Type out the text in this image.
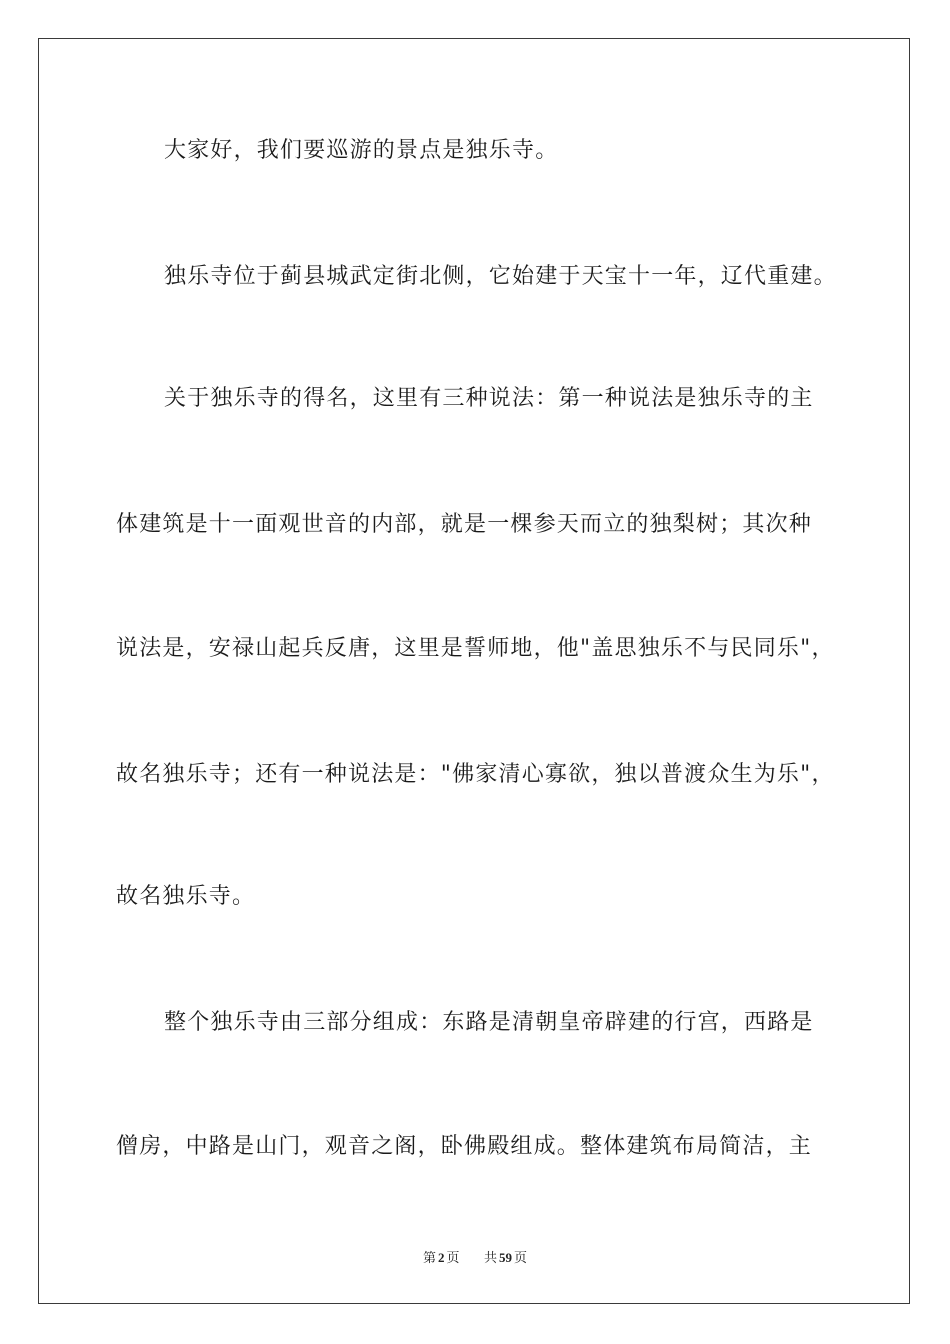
大家好，我们要巡游的景点是独乐寺。
独乐寺位于蓟县城武定街北侧，它始建于天宝十一年，辽代重建。
关于独乐寺的得名，这里有三种说法：第一种说法是独乐寺的主
体建筑是十一面观世音的内部，就是一棵参天而立的独梨树；其次种
说法是，安禄山起兵反唐，这里是誓师地，他"盖思独乐不与民同乐"，
故名独乐寺；还有一种说法是："佛家清心寡欲，独以普渡众生为乐"，
故名独乐寺。
整个独乐寺由三部分组成：东路是清朝皇帝辟建的行宫，西路是
僧房，中路是山门，观音之阁，卧佛殿组成。整体建筑布局简洁，主
第 2 页 共 59 页
